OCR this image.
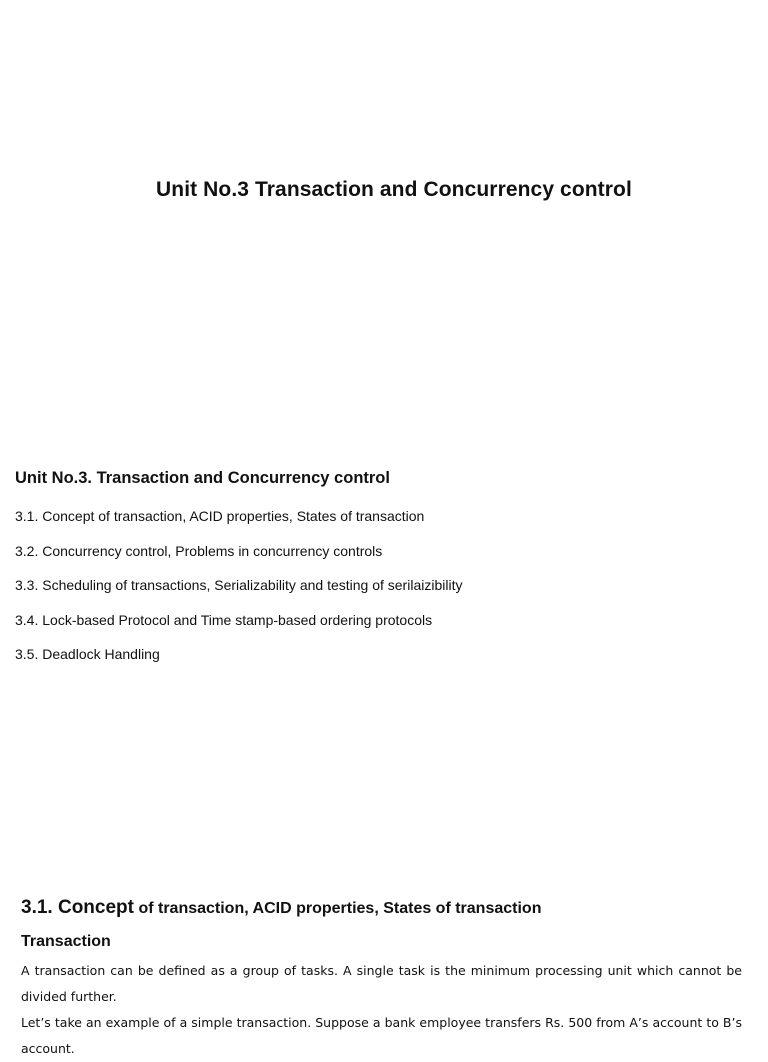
Unit No.3 Transaction and Concurrency control
Unit No.3. Transaction and Concurrency control
3.1. Concept of transaction, ACID properties, States of transaction
3.2. Concurrency control, Problems in concurrency controls
3.3. Scheduling of transactions, Serializability and testing of serilaizibility
3.4. Lock-based Protocol and Time stamp-based ordering protocols
3.5. Deadlock Handling
3.1. Concept of transaction, ACID properties, States of transaction
Transaction

A transaction can be defined as a group of tasks. A single task is the minimum processing unit which cannot be divided further.

Let’s take an example of a simple transaction. Suppose a bank employee transfers Rs. 500 from A’s account to B’s account.
